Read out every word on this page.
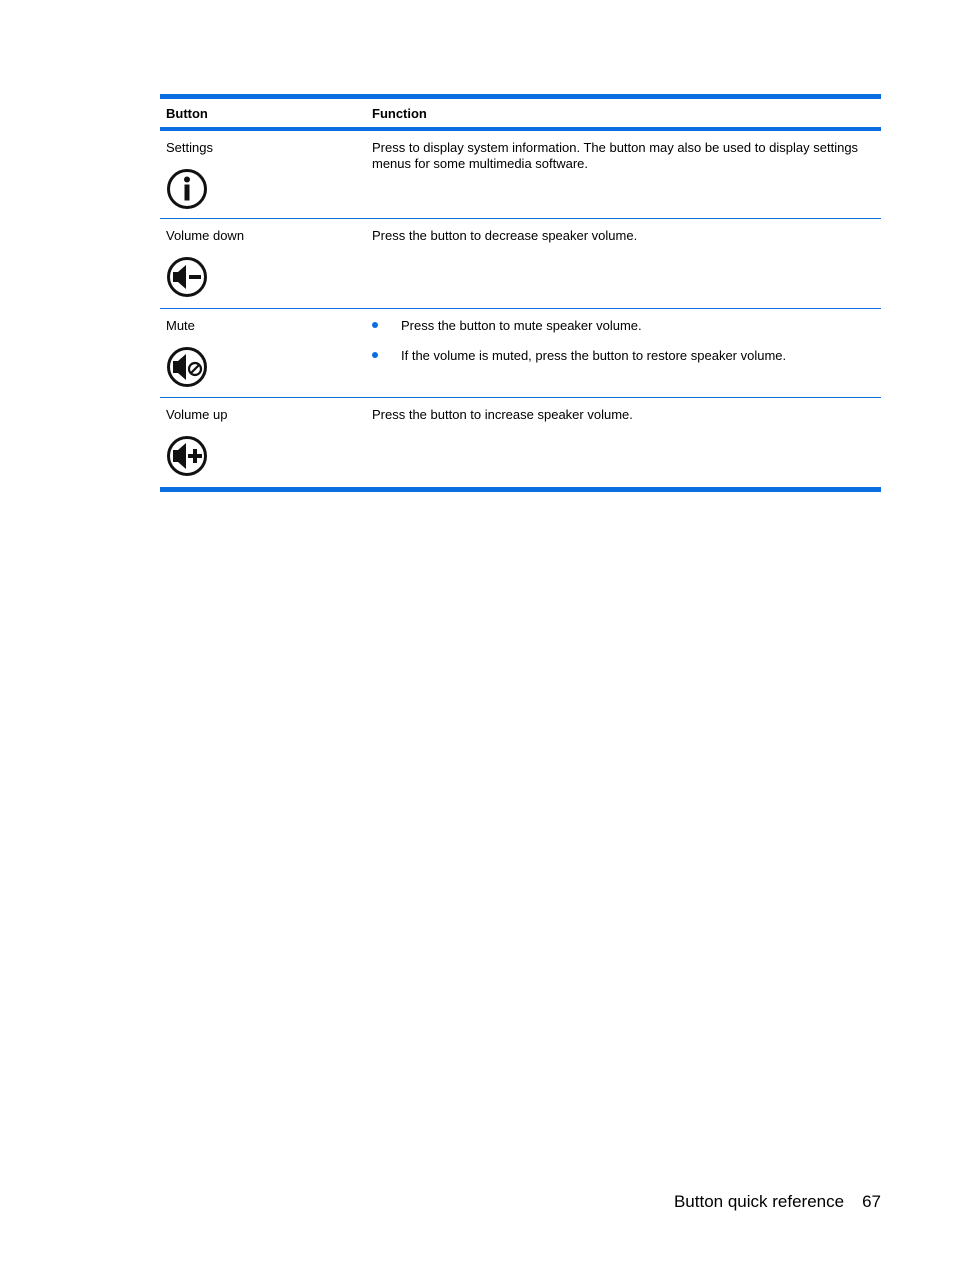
Button	Function
Settings	Press to display system information. The button may also be used to display settings menus for some multimedia software.
Volume down	Press the button to decrease speaker volume.
Mute	Press the button to mute speaker volume.
If the volume is muted, press the button to restore speaker volume.
Volume up	Press the button to increase speaker volume.
Button quick reference 67
